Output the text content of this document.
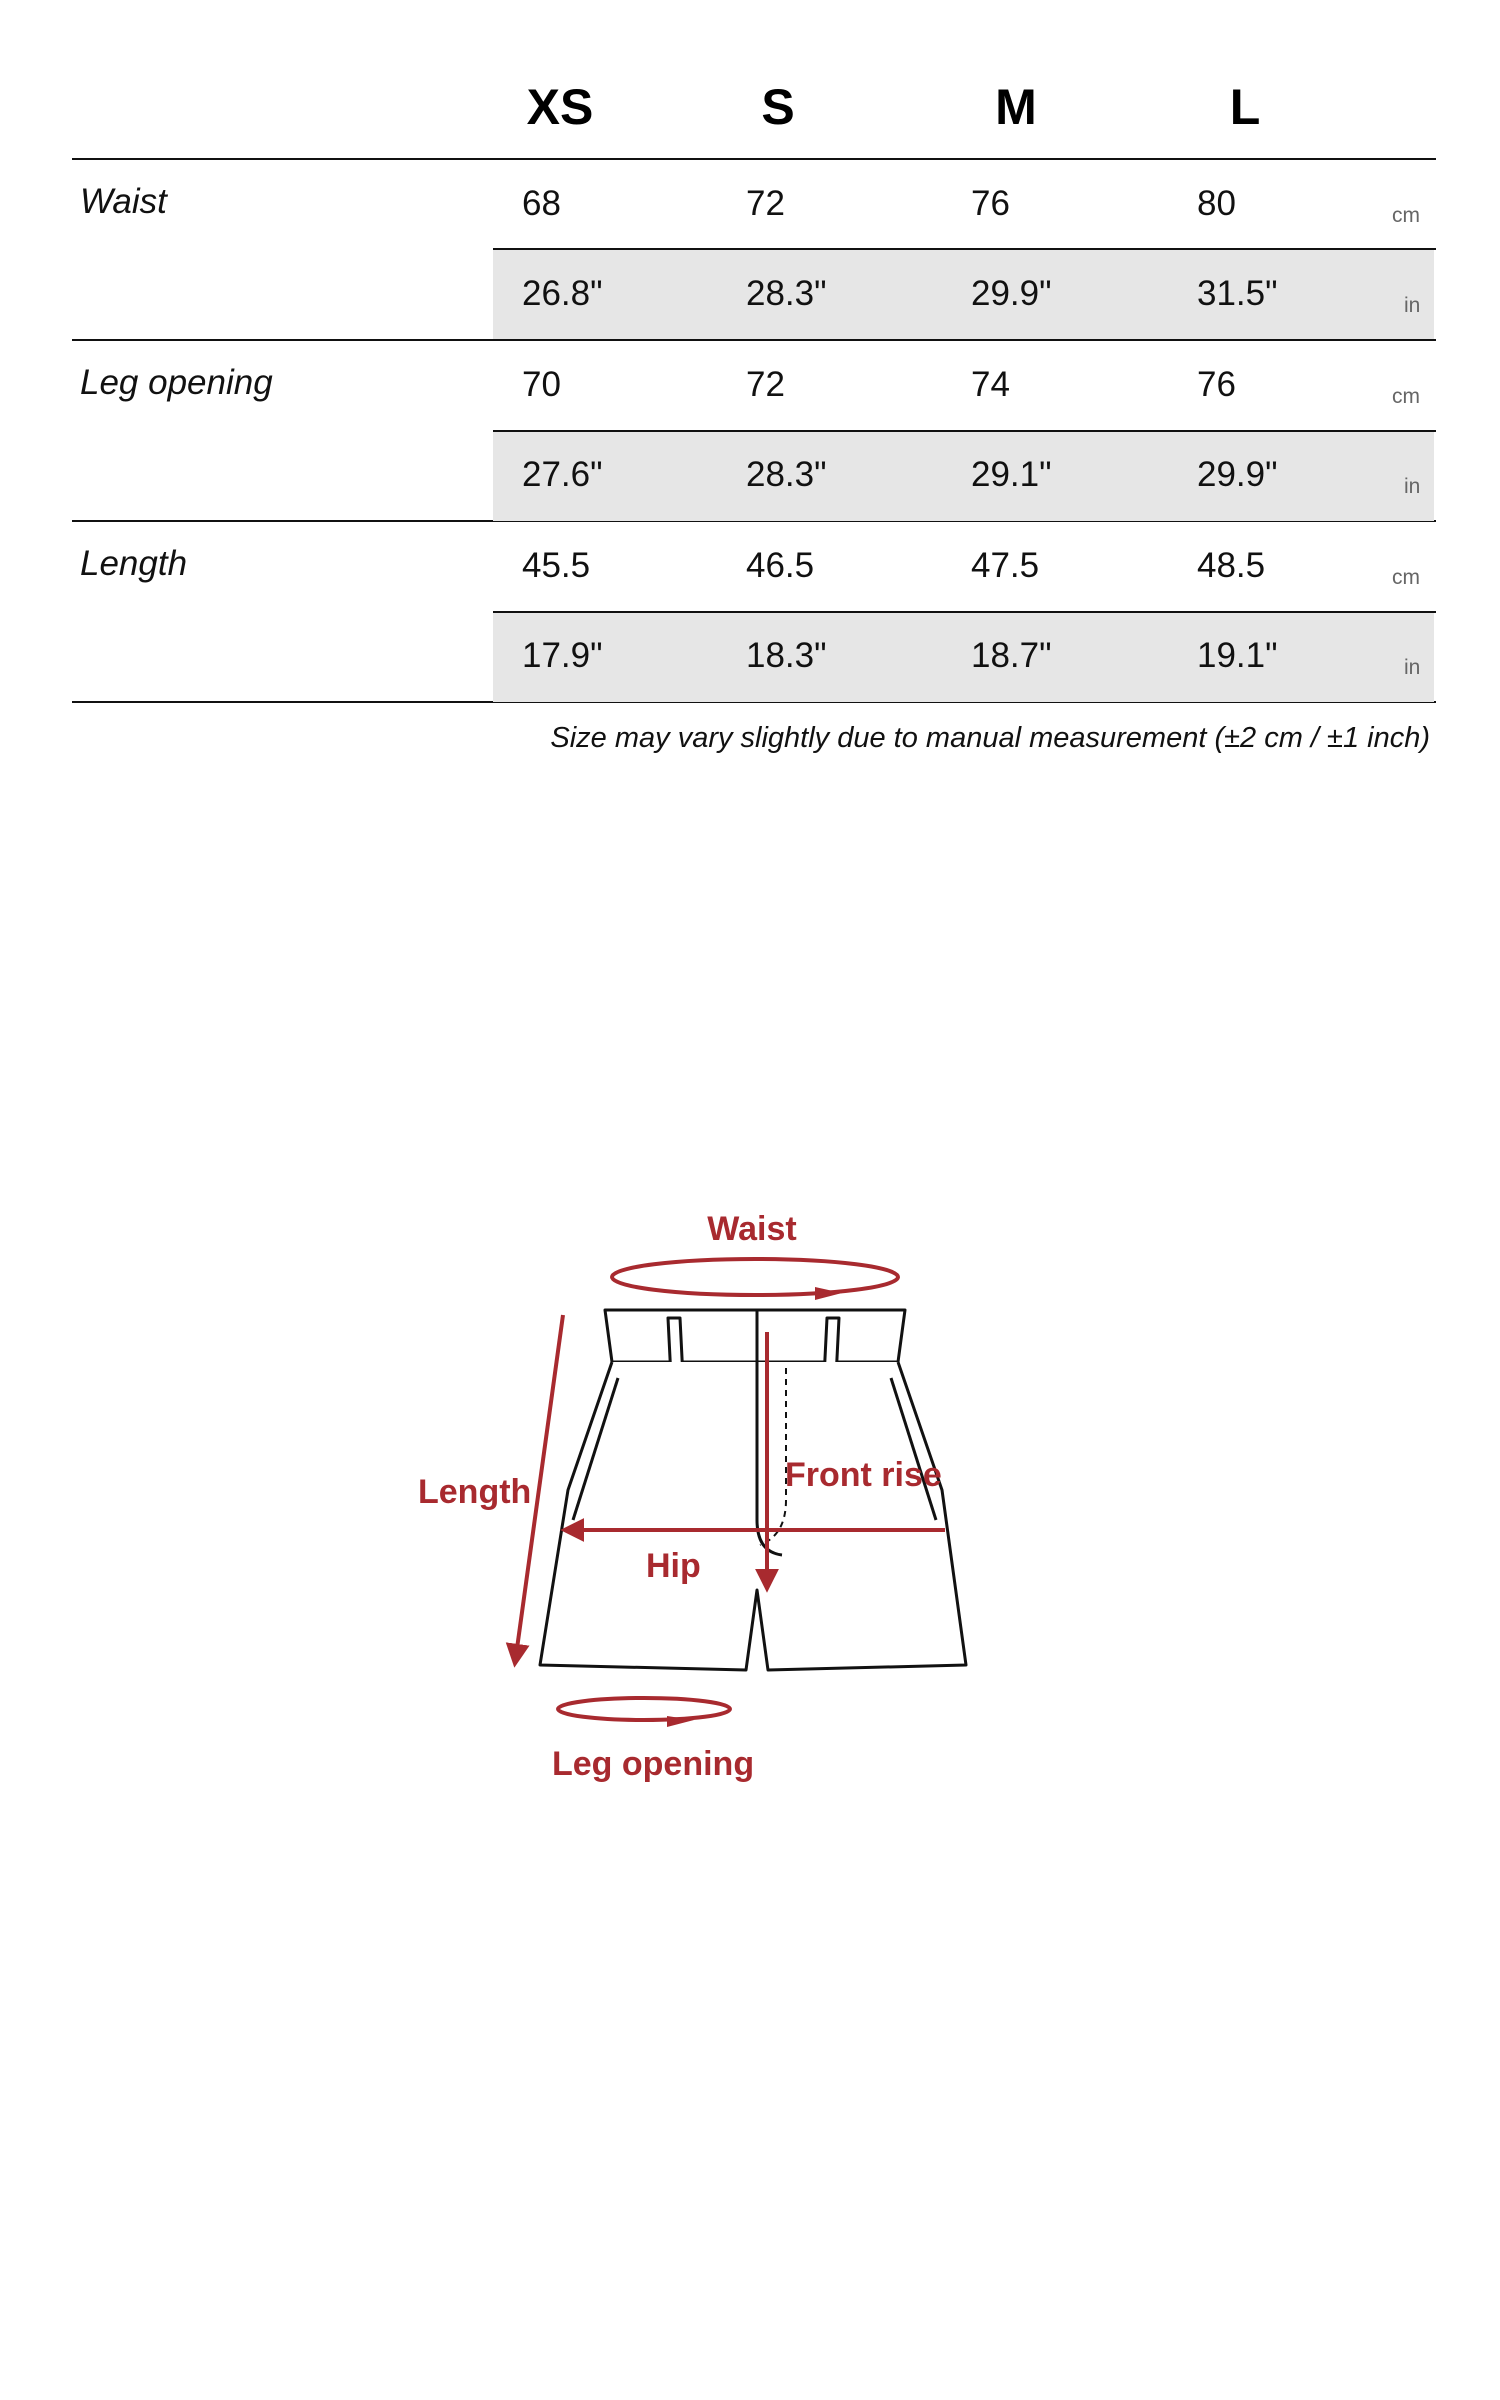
XS	S	M	L
Waist	68	72	76	80	cm
26.8"	28.3"	29.9"	31.5"	in
Leg opening	70	72	74	76	cm
27.6"	28.3"	29.1"	29.9"	in
Length	45.5	46.5	47.5	48.5	cm
17.9"	18.3"	18.7"	19.1"	in
Size may vary slightly due to manual measurement (±2 cm / ±1 inch)
Waist
Length	Front rise
Hip
Leg opening
